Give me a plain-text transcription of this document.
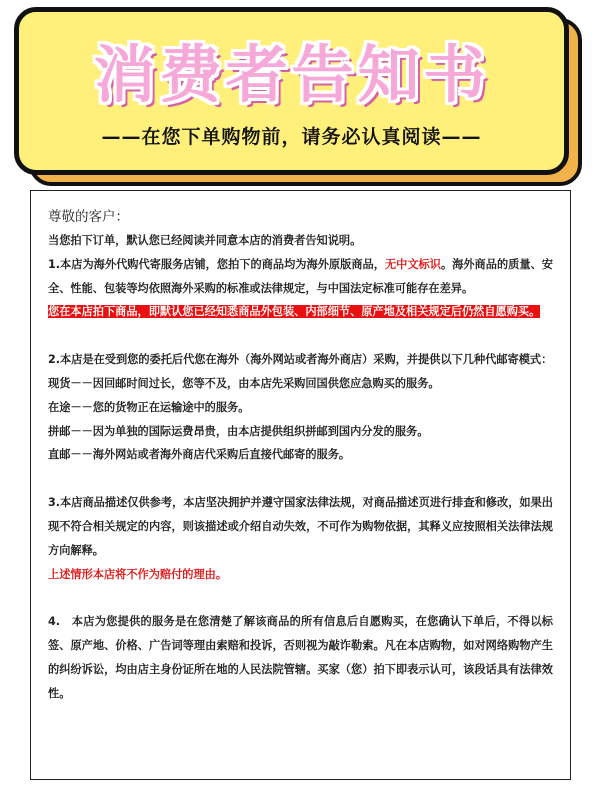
消费者告知书
——在您下单购物前，请务必认真阅读——

尊敬的客户：

当您拍下订单，默认您已经阅读并同意本店的消费者告知说明。

1.本店为海外代购代寄服务店铺，您拍下的商品均为海外原版商品，无中文标识。海外商品的质量、安全、性能、包装等均依照海外采购的标准或法律规定，与中国法定标准可能存在差异。

您在本店拍下商品，即默认您已经知悉商品外包装、内部细节、原产地及相关规定后仍然自愿购买。

2.本店是在受到您的委托后代您在海外（海外网站或者海外商店）采购，并提供以下几种代邮寄模式：

现货－－因回邮时间过长，您等不及，由本店先采购回国供您应急购买的服务。

在途－－您的货物正在运输途中的服务。

拼邮－－因为单独的国际运费昂贵，由本店提供组织拼邮到国内分发的服务。

直邮－－海外网站或者海外商店代采购后直接代邮寄的服务。

3.本店商品描述仅供参考，本店坚决拥护并遵守国家法律法规，对商品描述页进行排查和修改，如果出现不符合相关规定的内容，则该描述或介绍自动失效，不可作为购物依据，其释义应按照相关法律法规方向解释。

上述情形本店将不作为赔付的理由。

4.　本店为您提供的服务是在您清楚了解该商品的所有信息后自愿购买，在您确认下单后，不得以标签、原产地、价格、广告词等理由索赔和投诉，否则视为敲诈勒索。凡在本店购物，如对网络购物产生的纠纷诉讼，均由店主身份证所在地的人民法院管辖。买家（您）拍下即表示认可，该段话具有法律效性。
